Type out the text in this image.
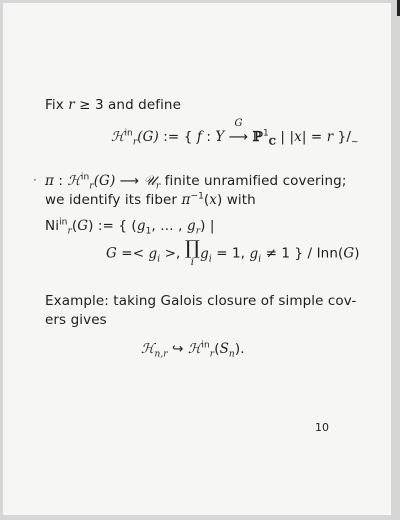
Fix r ≥ 3 and define
ℋ$^{in}_r$(G) := { f : Y
G
⟶ ℙ$^1_ℂ$ | |x| = r }$/_\sim$
· π : ℋ$^{in}_r$(G) ⟶ 𝒰$_r$ finite unramified covering;
we identify its fiber $\pi^{-1}(x)$ with
$Ni^{in}_r(G)$ := { ($g_1$, … , $g_r$) |
$G =< g_i$ >, ∏
i
$g_i = 1$, $g_i \ne 1$ } / Inn(G)
Example: taking Galois closure of simple cov-
ers gives
ℋ$_{n,r}$ ↪ $ℋ^{in}_r(S_n)$.
10
